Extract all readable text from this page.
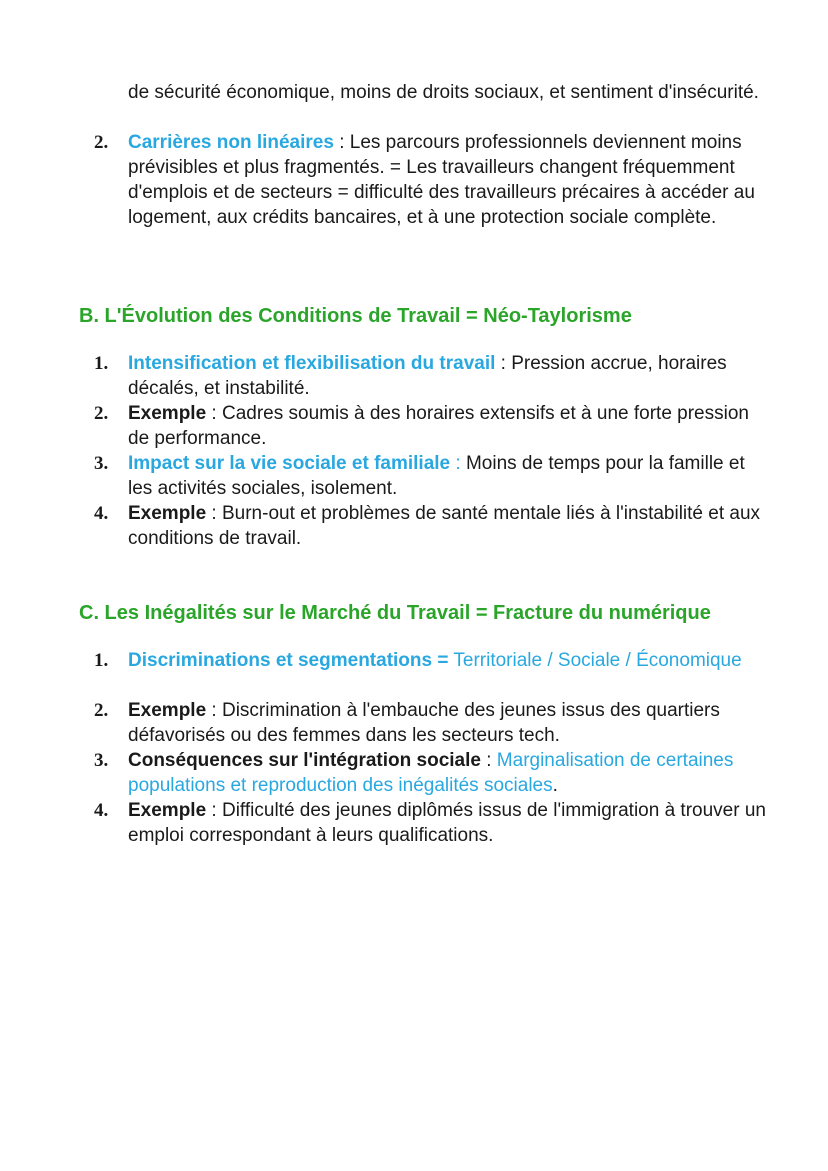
de sécurité économique, moins de droits sociaux, et sentiment d'insécurité.
2. Carrières non linéaires : Les parcours professionnels deviennent moins prévisibles et plus fragmentés. = Les travailleurs changent fréquemment d'emplois et de secteurs = difficulté des travailleurs précaires à accéder au logement, aux crédits bancaires, et à une protection sociale complète.
B. L'Évolution des Conditions de Travail = Néo-Taylorisme
1. Intensification et flexibilisation du travail : Pression accrue, horaires décalés, et instabilité.
2. Exemple : Cadres soumis à des horaires extensifs et à une forte pression de performance.
3. Impact sur la vie sociale et familiale : Moins de temps pour la famille et les activités sociales, isolement.
4. Exemple : Burn-out et problèmes de santé mentale liés à l'instabilité et aux conditions de travail.
C. Les Inégalités sur le Marché du Travail = Fracture du numérique
1. Discriminations et segmentations = Territoriale / Sociale / Économique
2. Exemple : Discrimination à l'embauche des jeunes issus des quartiers défavorisés ou des femmes dans les secteurs tech.
3. Conséquences sur l'intégration sociale : Marginalisation de certaines populations et reproduction des inégalités sociales.
4. Exemple : Difficulté des jeunes diplômés issus de l'immigration à trouver un emploi correspondant à leurs qualifications.
